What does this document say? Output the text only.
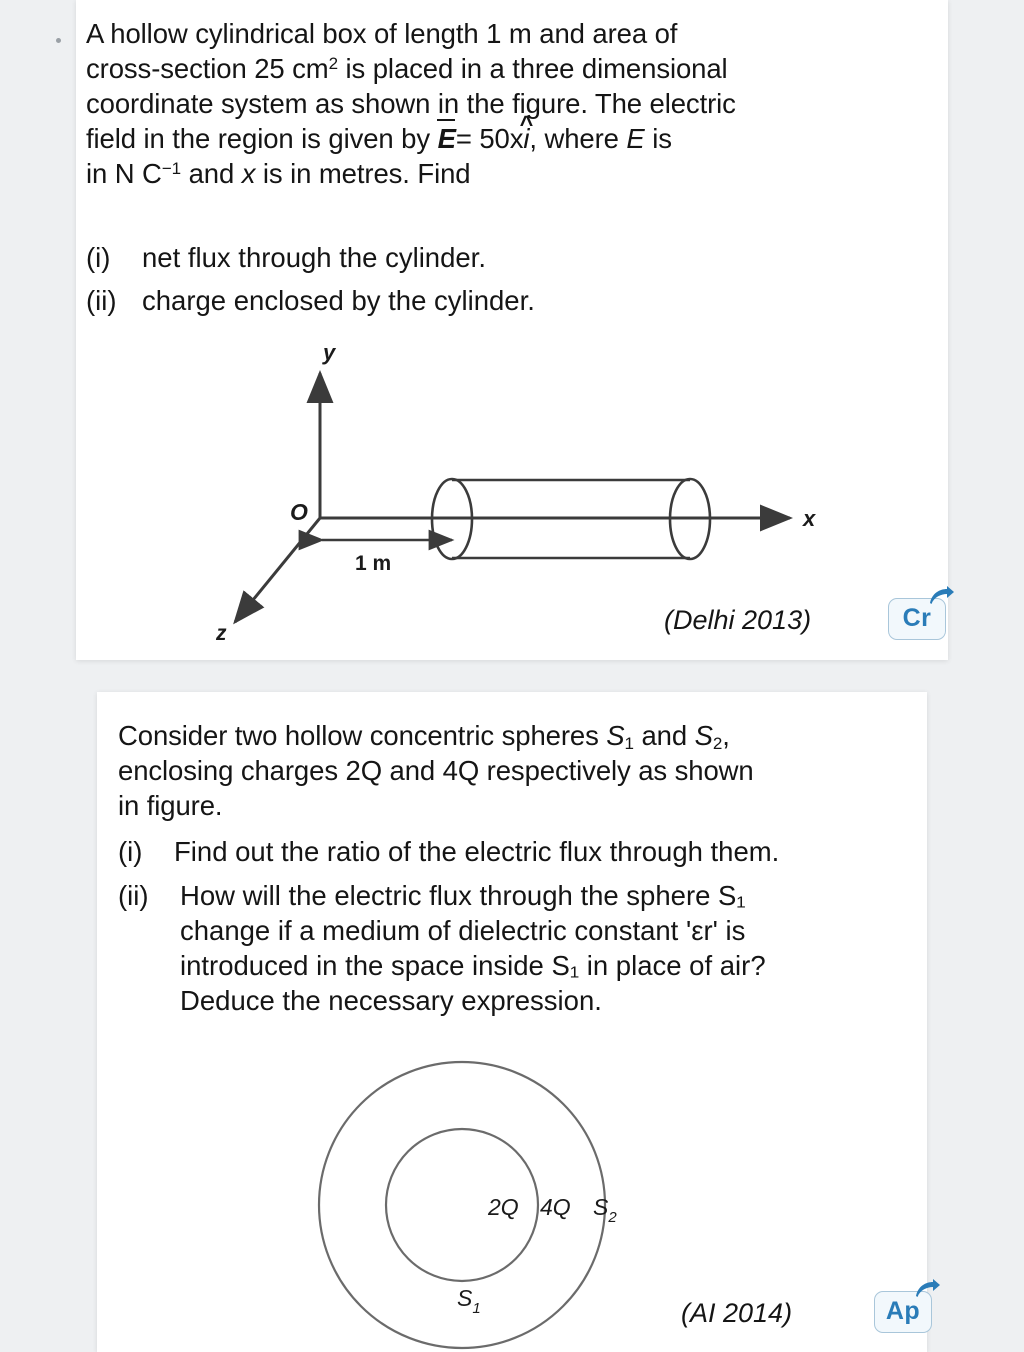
A hollow cylindrical box of length 1 m and area of
cross-section 25 $cm^2$ is placed in a three dimensional
coordinate system as shown in the figure. The electric
field in the region is given by E= 50xi ^, where E is
in N $C^{-1}$ and x is in metres. Find
(i)	net flux through the cylinder.
(ii) charge enclosed by the cylinder.
y
x
z
O
1 m
(Delhi 2013)	Cr
Consider two hollow concentric spheres $S_1$ and $S_2$,
enclosing charges 2Q and 4Q respectively as shown
in figure.
(i)	Find out the ratio of the electric flux through them.
(ii)	How will the electric flux through the sphere S₁
change if a medium of dielectric constant 'εr' is
introduced in the space inside S₁ in place of air?
Deduce the necessary expression.
2Q 4Q $S_2$
$S_1$	(AI 2014)	Ap
